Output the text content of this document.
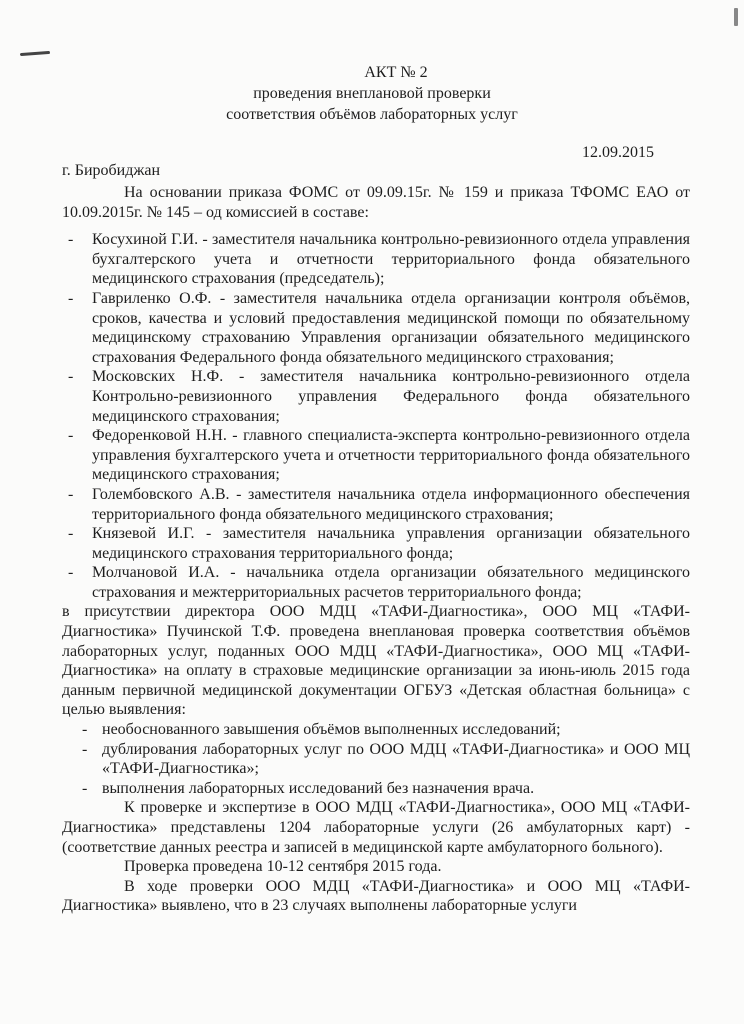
АКТ № 2
проведения внеплановой проверки
соответствия объёмов лабораторных услуг
12.09.2015
г. Биробиджан

На основании приказа ФОМС от 09.09.15г. № 159 и приказа ТФОМС ЕАО от 10.09.2015г. № 145 – од комиссией в составе:

- Косухиной Г.И. - заместителя начальника контрольно-ревизионного отдела управления бухгалтерского учета и отчетности территориального фонда обязательного медицинского страхования (председатель);
- Гавриленко О.Ф. - заместителя начальника отдела организации контроля объёмов, сроков, качества и условий предоставления медицинской помощи по обязательному медицинскому страхованию Управления организации обязательного медицинского страхования Федерального фонда обязательного медицинского страхования;
- Московских Н.Ф. - заместителя начальника контрольно-ревизионного отдела Контрольно-ревизионного управления Федерального фонда обязательного медицинского страхования;
- Федоренковой Н.Н. - главного специалиста-эксперта контрольно-ревизионного отдела управления бухгалтерского учета и отчетности территориального фонда обязательного медицинского страхования;
- Голембовского А.В. - заместителя начальника отдела информационного обеспечения территориального фонда обязательного медицинского страхования;
- Князевой И.Г. - заместителя начальника управления организации обязательного медицинского страхования территориального фонда;
- Молчановой И.А. - начальника отдела организации обязательного медицинского страхования и межтерриториальных расчетов территориального фонда;

в присутствии директора ООО МДЦ «ТАФИ-Диагностика», ООО МЦ «ТАФИ-Диагностика» Пучинской Т.Ф. проведена внеплановая проверка соответствия объёмов лабораторных услуг, поданных ООО МДЦ «ТАФИ-Диагностика», ООО МЦ «ТАФИ-Диагностика» на оплату в страховые медицинские организации за июнь-июль 2015 года данным первичной медицинской документации ОГБУЗ «Детская областная больница» с целью выявления:

- необоснованного завышения объёмов выполненных исследований;
- дублирования лабораторных услуг по ООО МДЦ «ТАФИ-Диагностика» и ООО МЦ «ТАФИ-Диагностика»;
- выполнения лабораторных исследований без назначения врача.

К проверке и экспертизе в ООО МДЦ «ТАФИ-Диагностика», ООО МЦ «ТАФИ-Диагностика» представлены 1204 лабораторные услуги (26 амбулаторных карт) - (соответствие данных реестра и записей в медицинской карте амбулаторного больного).

Проверка проведена 10-12 сентября 2015 года.

В ходе проверки ООО МДЦ «ТАФИ-Диагностика» и ООО МЦ «ТАФИ-Диагностика» выявлено, что в 23 случаях выполнены лабораторные услуги
